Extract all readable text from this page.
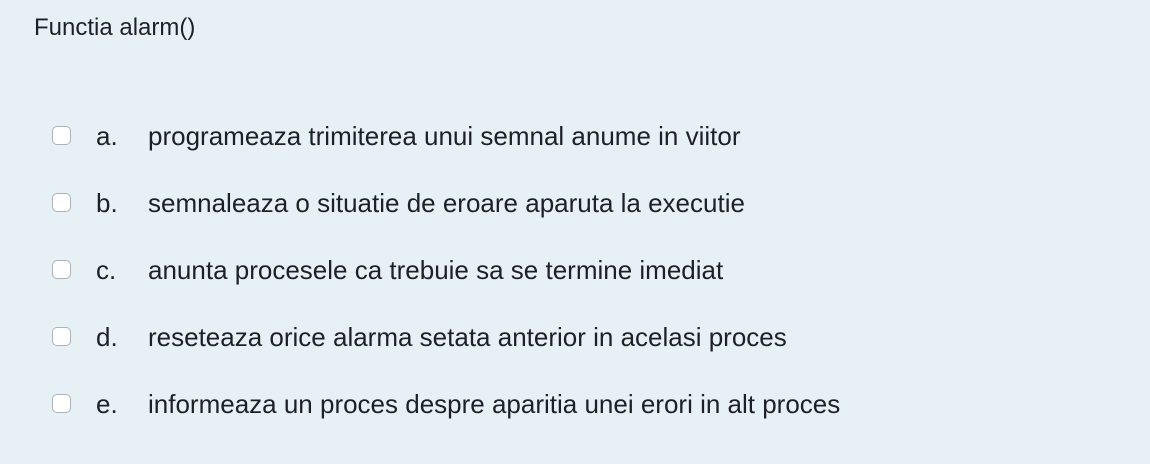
Functia alarm()
a.	programeaza trimiterea unui semnal anume in viitor
b.	semnaleaza o situatie de eroare aparuta la executie
c.	anunta procesele ca trebuie sa se termine imediat
d.	reseteaza orice alarma setata anterior in acelasi proces
e.	informeaza un proces despre aparitia unei erori in alt proces
